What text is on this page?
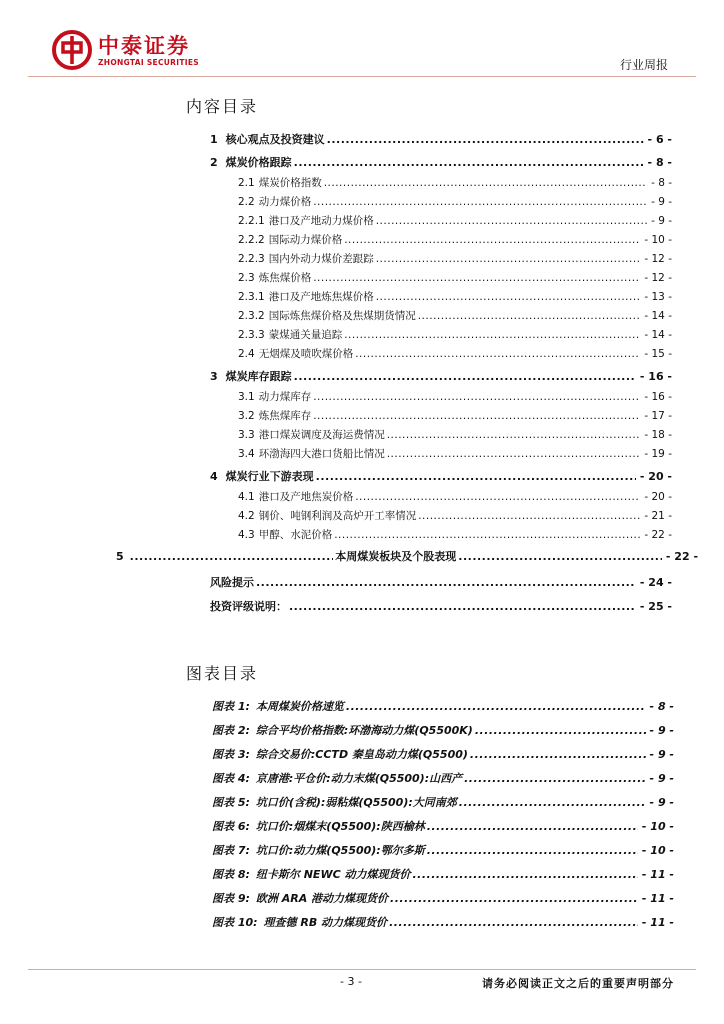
中泰证券
ZHONGTAI SECURITIES	行业周报
内容目录
1 核心观点及投资建议 .....	- 6 -
2 煤炭价格跟踪 .....	- 8 -
2.1 煤炭价格指数 .....	- 8 -
2.2 动力煤价格 .....	- 9 -
2.2.1 港口及产地动力煤价格 .....	- 9 -
2.2.2 国际动力煤价格 .....	- 10 -
2.2.3 国内外动力煤价差跟踪 .....	- 12 -
2.3 炼焦煤价格 .....	- 12 -
2.3.1 港口及产地炼焦煤价格 .....	- 13 -
2.3.2 国际炼焦煤价格及焦煤期货情况 .....	- 14 -
2.3.3 蒙煤通关量追踪 .....	- 14 -
2.4 无烟煤及喷吹煤价格 .....	- 15 -
3 煤炭库存跟踪 .....	- 16 -
3.1 动力煤库存 .....	- 16 -
3.2 炼焦煤库存 .....	- 17 -
3.3 港口煤炭调度及海运费情况 .....	- 18 -
3.4 环渤海四大港口货船比情况 .....	- 19 -
4 煤炭行业下游表现 .....	- 20 -
4.1 港口及产地焦炭价格 .....	- 20 -
4.2 钢价、吨钢利润及高炉开工率情况 .....	- 21 -
4.3 甲醇、水泥价格 .....	- 22 -
5 .....	本周煤炭板块及个股表现 .....	- 22 -
风险提示 .....	- 24 -
投资评级说明： .....	- 25 -
图表目录
图表 1: 本周煤炭价格速览 .....	- 8 -
图表 2: 综合平均价格指数:环渤海动力煤(Q5500K) .....	- 9 -
图表 3: 综合交易价:CCTD 秦皇岛动力煤(Q5500) .....	- 9 -
图表 4: 京唐港:平仓价:动力末煤(Q5500):山西产 .....	- 9 -
图表 5: 坑口价(含税):弱粘煤(Q5500):大同南郊 .....	- 9 -
图表 6: 坑口价:烟煤末(Q5500):陕西榆林 .....	- 10 -
图表 7: 坑口价:动力煤(Q5500):鄂尔多斯 .....	- 10 -
图表 8: 纽卡斯尔 NEWC 动力煤现货价 .....	- 11 -
图表 9: 欧洲 ARA 港动力煤现货价 .....	- 11 -
图表 10: 理查德 RB 动力煤现货价 .....	- 11 -
- 3 -	请务必阅读正文之后的重要声明部分
